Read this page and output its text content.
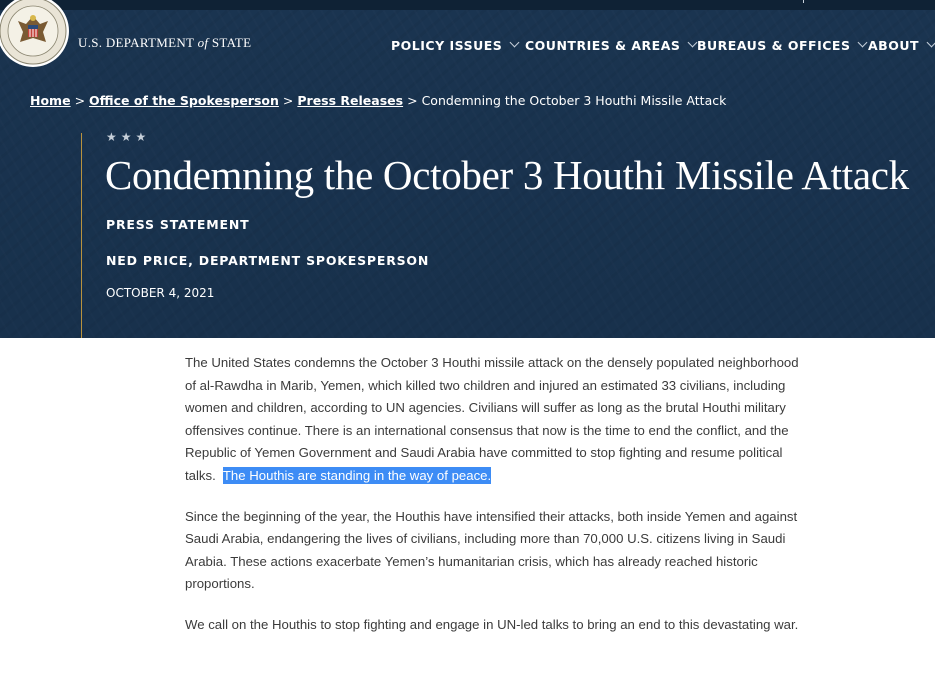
U.S. DEPARTMENT of STATE	POLICY ISSUES COUNTRIES & AREAS BUREAUS & OFFICES ABOUT
Home > Office of the Spokesperson > Press Releases > Condemning the October 3 Houthi Missile Attack
★★★
Condemning the October 3 Houthi Missile Attack
PRESS STATEMENT
NED PRICE, DEPARTMENT SPOKESPERSON
OCTOBER 4, 2021

The United States condemns the October 3 Houthi missile attack on the densely populated neighborhood
of al-Rawdha in Marib, Yemen, which killed two children and injured an estimated 33 civilians, including
women and children, according to UN agencies. Civilians will suffer as long as the brutal Houthi military
offensives continue. There is an international consensus that now is the time to end the conflict, and the
Republic of Yemen Government and Saudi Arabia have committed to stop fighting and resume political
talks.  The Houthis are standing in the way of peace.

Since the beginning of the year, the Houthis have intensified their attacks, both inside Yemen and against
Saudi Arabia, endangering the lives of civilians, including more than 70,000 U.S. citizens living in Saudi
Arabia. These actions exacerbate Yemen’s humanitarian crisis, which has already reached historic
proportions.

We call on the Houthis to stop fighting and engage in UN-led talks to bring an end to this devastating war.
